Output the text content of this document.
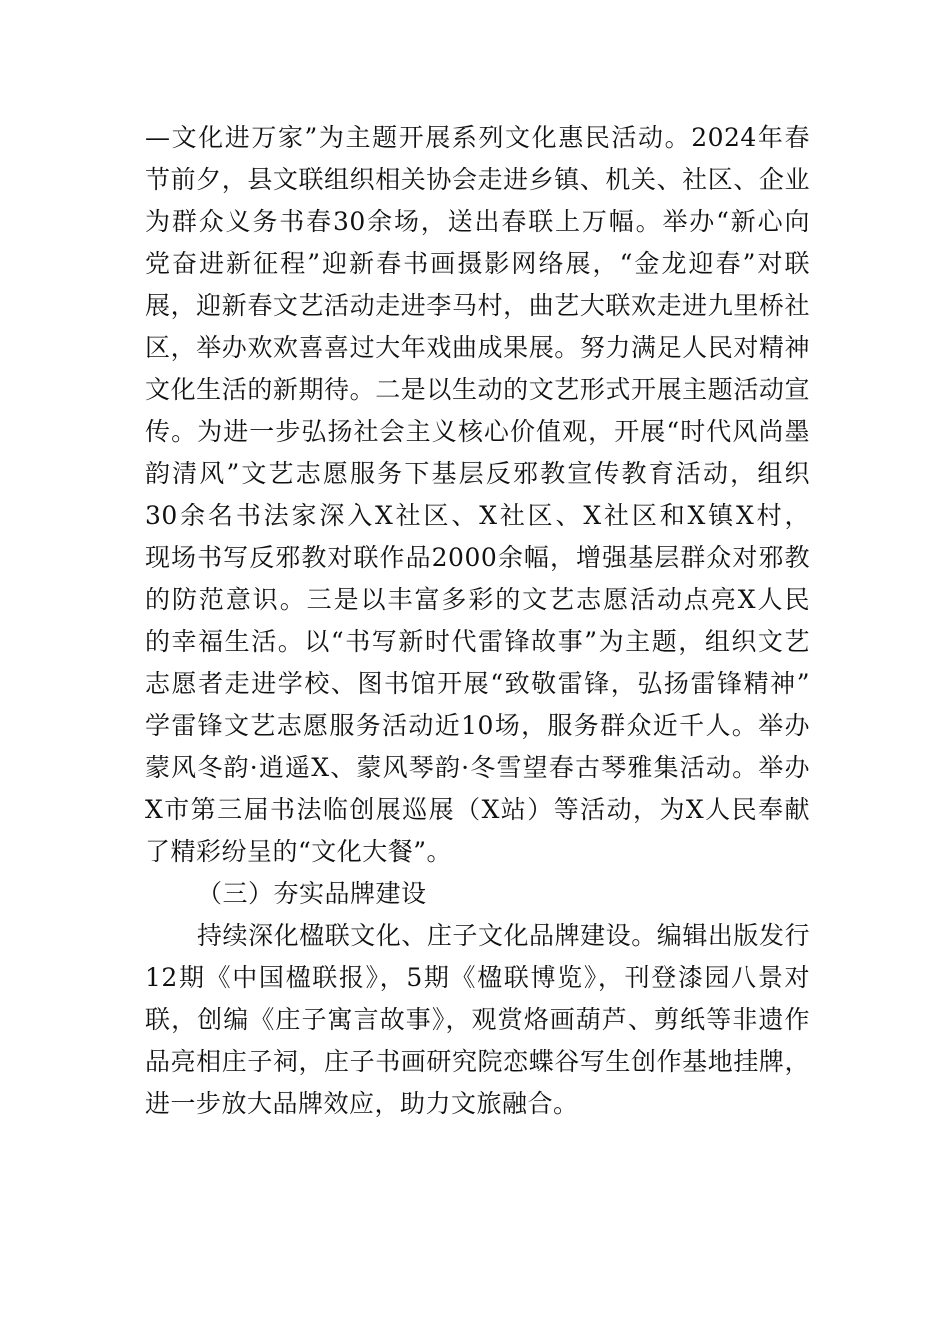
—文化进万家”为主题开展系列文化惠民活动。2024年春
节前夕，县文联组织相关协会走进乡镇、机关、社区、企业
为群众义务书春30余场，送出春联上万幅。举办“新心向
党奋进新征程”迎新春书画摄影网络展，“金龙迎春”对联
展，迎新春文艺活动走进李马村，曲艺大联欢走进九里桥社
区，举办欢欢喜喜过大年戏曲成果展。努力满足人民对精神
文化生活的新期待。二是以生动的文艺形式开展主题活动宣
传。为进一步弘扬社会主义核心价值观，开展“时代风尚墨
韵清风”文艺志愿服务下基层反邪教宣传教育活动，组织
30余名书法家深入X社区、X社区、X社区和X镇X村，
现场书写反邪教对联作品2000余幅，增强基层群众对邪教
的防范意识。三是以丰富多彩的文艺志愿活动点亮X人民
的幸福生活。以“书写新时代雷锋故事”为主题，组织文艺
志愿者走进学校、图书馆开展“致敬雷锋，弘扬雷锋精神”
学雷锋文艺志愿服务活动近10场，服务群众近千人。举办
蒙风冬韵·逍遥X、蒙风琴韵·冬雪望春古琴雅集活动。举办
X市第三届书法临创展巡展（X站）等活动，为X人民奉献
了精彩纷呈的“文化大餐”。
（三）夯实品牌建设
持续深化楹联文化、庄子文化品牌建设。编辑出版发行
12期《中国楹联报》，5期《楹联博览》，刊登漆园八景对
联，创编《庄子寓言故事》，观赏烙画葫芦、剪纸等非遗作
品亮相庄子祠，庄子书画研究院恋蝶谷写生创作基地挂牌，
进一步放大品牌效应，助力文旅融合。
